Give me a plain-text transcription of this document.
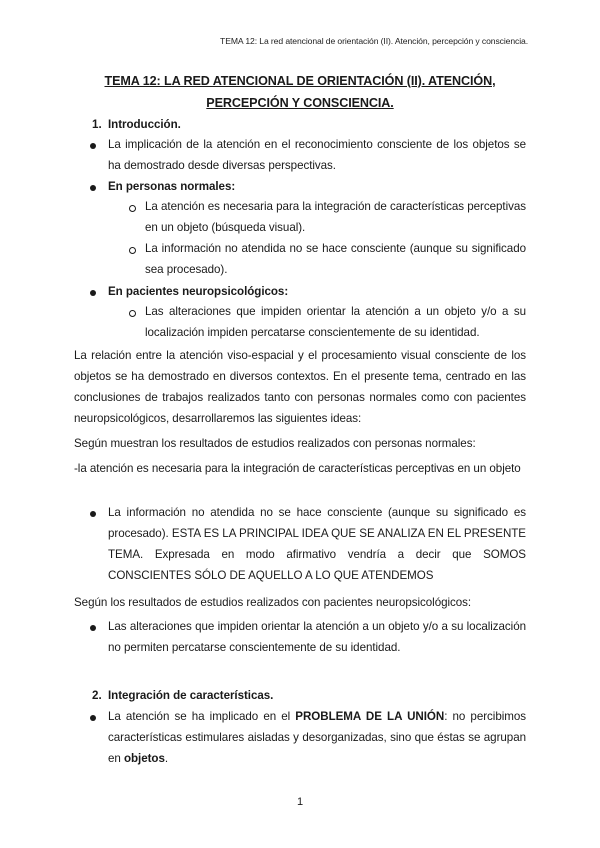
TEMA 12: La red atencional de orientación (II). Atención, percepción y consciencia.
TEMA 12: LA RED ATENCIONAL DE ORIENTACIÓN (II). ATENCIÓN,
PERCEPCIÓN Y CONSCIENCIA.
1. Introducción.
La implicación de la atención en el reconocimiento consciente de los objetos se ha demostrado desde diversas perspectivas.
En personas normales:
La atención es necesaria para la integración de características perceptivas en un objeto (búsqueda visual).
La información no atendida no se hace consciente (aunque su significado sea procesado).
En pacientes neuropsicológicos:
Las alteraciones que impiden orientar la atención a un objeto y/o a su localización impiden percatarse conscientemente de su identidad.
La relación entre la atención viso-espacial y el procesamiento visual consciente de los objetos se ha demostrado en diversos contextos. En el presente tema, centrado en las conclusiones de trabajos realizados tanto con personas normales como con pacientes neuropsicológicos, desarrollaremos las siguientes ideas:
Según muestran los resultados de estudios realizados con personas normales:
-la atención es necesaria para la integración de características perceptivas en un objeto
La información no atendida no se hace consciente (aunque su significado es procesado). ESTA ES LA PRINCIPAL IDEA QUE SE ANALIZA EN EL PRESENTE TEMA. Expresada en modo afirmativo vendría a decir que SOMOS CONSCIENTES SÓLO DE AQUELLO A LO QUE ATENDEMOS
Según los resultados de estudios realizados con pacientes neuropsicológicos:
Las alteraciones que impiden orientar la atención a un objeto y/o a su localización no permiten percatarse conscientemente de su identidad.
2. Integración de características.
La atención se ha implicado en el PROBLEMA DE LA UNIÓN: no percibimos características estimulares aisladas y desorganizadas, sino que éstas se agrupan en objetos.
1
